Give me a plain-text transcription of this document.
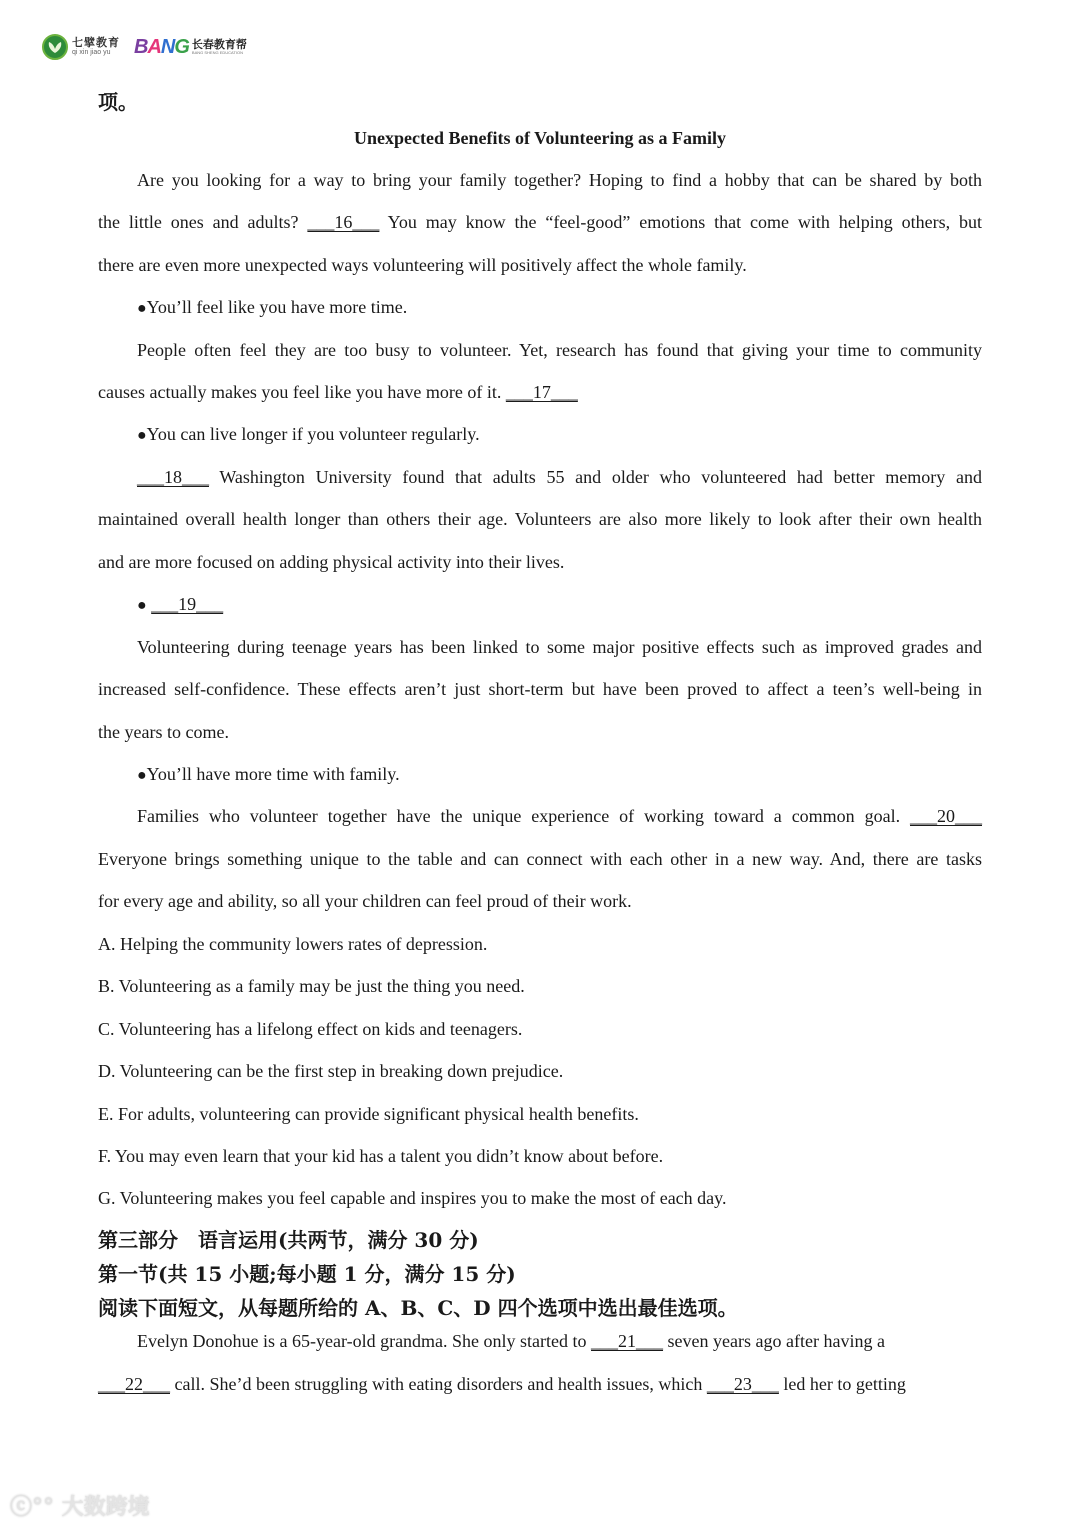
七擘教育
qi xin jiao yu	BANG 长春教育帮
BANG SHENG EDUCATION
项。
Unexpected Benefits of Volunteering as a Family
Are you looking for a way to bring your family together? Hoping to find a hobby that can be shared by both
the little ones and adults? ___16___ You may know the “feel-good” emotions that come with helping others, but
there are even more unexpected ways volunteering will positively affect the whole family.
●You’ll feel like you have more time.
People often feel they are too busy to volunteer. Yet, research has found that giving your time to community
causes actually makes you feel like you have more of it. ___17___
●You can live longer if you volunteer regularly.
___18___ Washington University found that adults 55 and older who volunteered had better memory and
maintained overall health longer than others their age. Volunteers are also more likely to look after their own health
and are more focused on adding physical activity into their lives.
● ___19___
Volunteering during teenage years has been linked to some major positive effects such as improved grades and
increased self-confidence. These effects aren’t just short-term but have been proved to affect a teen’s well-being in
the years to come.
●You’ll have more time with family.
Families who volunteer together have the unique experience of working toward a common goal. ___20___
Everyone brings something unique to the table and can connect with each other in a new way. And, there are tasks
for every age and ability, so all your children can feel proud of their work.
A. Helping the community lowers rates of depression.
B. Volunteering as a family may be just the thing you need.
C. Volunteering has a lifelong effect on kids and teenagers.
D. Volunteering can be the first step in breaking down prejudice.
E. For adults, volunteering can provide significant physical health benefits.
F. You may even learn that your kid has a talent you didn’t know about before.
G. Volunteering makes you feel capable and inspires you to make the most of each day.
第三部分　语言运用(共两节，满分 30 分)
第一节(共 15 小题;每小题 1 分，满分 15 分)
阅读下面短文，从每题所给的 A、B、C、D 四个选项中选出最佳选项。
Evelyn Donohue is a 65-year-old grandma. She only started to ___21___ seven years ago after having a
___22___ call. She’d been struggling with eating disorders and health issues, which ___23___ led her to getting
ⓒ°° 大数跨境
